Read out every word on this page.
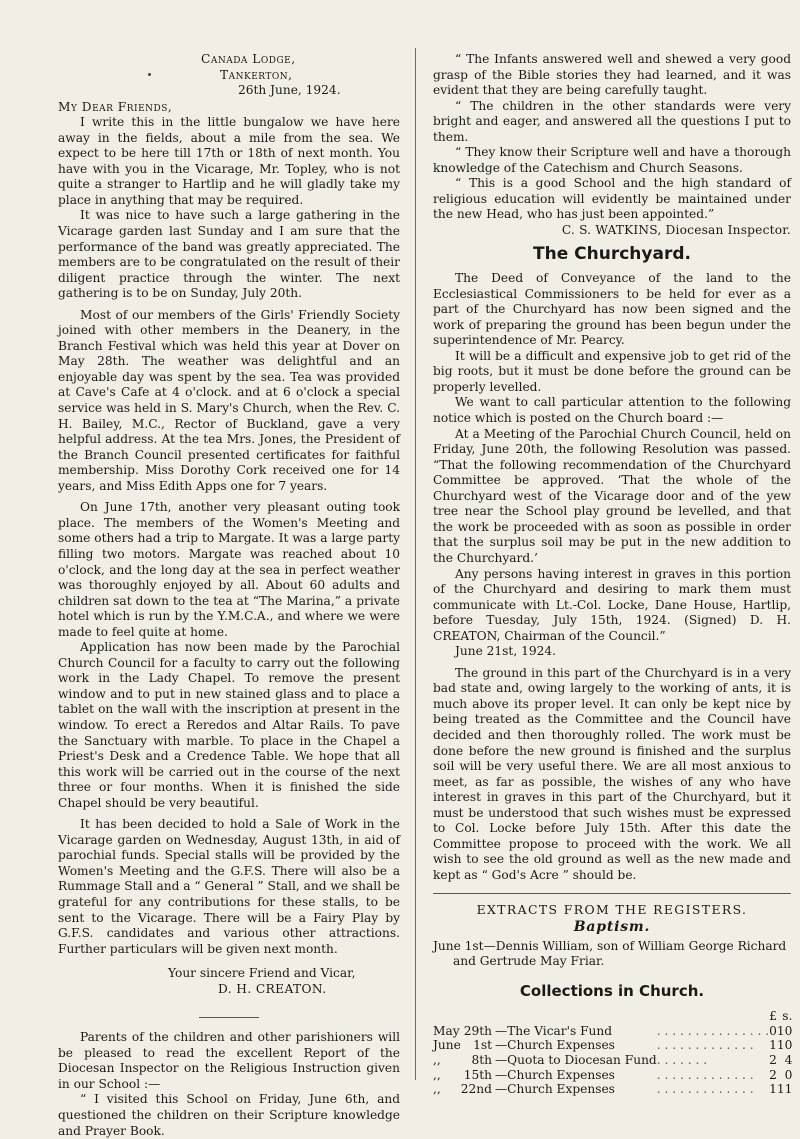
Canada Lodge,

Tankerton,

26th June, 1924.

My Dear Friends,

I write this in the little bungalow we have here away in the fields, about a mile from the sea. We expect to be here till 17th or 18th of next month. You have with you in the Vicarage, Mr. Topley, who is not quite a stranger to Hartlip and he will gladly take my place in anything that may be required.

It was nice to have such a large gathering in the Vicarage garden last Sunday and I am sure that the performance of the band was greatly appreciated. The members are to be congratulated on the result of their diligent practice through the winter. The next gathering is to be on Sunday, July 20th.

Most of our members of the Girls' Friendly Society joined with other members in the Deanery, in the Branch Festival which was held this year at Dover on May 28th. The weather was delightful and an enjoyable day was spent by the sea. Tea was provided at Cave's Cafe at 4 o'clock. and at 6 o'clock a special service was held in S. Mary's Church, when the Rev. C. H. Bailey, M.C., Rector of Buckland, gave a very helpful address. At the tea Mrs. Jones, the President of the Branch Council presented certificates for faithful membership. Miss Dorothy Cork received one for 14 years, and Miss Edith Apps one for 7 years.

On June 17th, another very pleasant outing took place. The members of the Women's Meeting and some others had a trip to Margate. It was a large party filling two motors. Margate was reached about 10 o'clock, and the long day at the sea in perfect weather was thoroughly enjoyed by all. About 60 adults and children sat down to the tea at “The Marina,” a private hotel which is run by the Y.M.C.A., and where we were made to feel quite at home.

Application has now been made by the Parochial Church Council for a faculty to carry out the following work in the Lady Chapel. To remove the present window and to put in new stained glass and to place a tablet on the wall with the inscription at present in the window. To erect a Reredos and Altar Rails. To pave the Sanctuary with marble. To place in the Chapel a Priest's Desk and a Credence Table. We hope that all this work will be carried out in the course of the next three or four months. When it is finished the side Chapel should be very beautiful.

It has been decided to hold a Sale of Work in the Vicarage garden on Wednesday, August 13th, in aid of parochial funds. Special stalls will be provided by the Women's Meeting and the G.F.S. There will also be a Rummage Stall and a “ General ” Stall, and we shall be grateful for any contributions for these stalls, to be sent to the Vicarage. There will be a Fairy Play by G.F.S. candidates and various other attractions. Further particulars will be given next month.

Your sincere Friend and Vicar,

D. H. CREATON.

Parents of the children and other parishioners will be pleased to read the excellent Report of the Diocesan Inspector on the Religious Instruction given in our School :—

“ I visited this School on Friday, June 6th, and questioned the children on their Scripture knowledge and Prayer Book.

“ The Infants answered well and shewed a very good grasp of the Bible stories they had learned, and it was evident that they are being carefully taught.

“ The children in the other standards were very bright and eager, and answered all the questions I put to them.

“ They know their Scripture well and have a thorough knowledge of the Catechism and Church Seasons.

“ This is a good School and the high standard of religious education will evidently be maintained under the new Head, who has just been appointed.”

C. S. WATKINS, Diocesan Inspector.

The Churchyard.

The Deed of Conveyance of the land to the Ecclesiastical Commissioners to be held for ever as a part of the Churchyard has now been signed and the work of preparing the ground has been begun under the superintendence of Mr. Pearcy.

It will be a difficult and expensive job to get rid of the big roots, but it must be done before the ground can be properly levelled.

We want to call particular attention to the following notice which is posted on the Church board :—

At a Meeting of the Parochial Church Council, held on Friday, June 20th, the following Resolution was passed. “That the following recommendation of the Churchyard Committee be approved. ‘That the whole of the Churchyard west of the Vicarage door and of the yew tree near the School play ground be levelled, and that the work be proceeded with as soon as possible in order that the surplus soil may be put in the new addition to the Churchyard.’

Any persons having interest in graves in this portion of the Churchyard and desiring to mark them must communicate with Lt.-Col. Locke, Dane House, Hartlip, before Tuesday, July 15th, 1924. (Signed) D. H. CREATON, Chairman of the Council.”

June 21st, 1924.

The ground in this part of the Churchyard is in a very bad state and, owing largely to the working of ants, it is much above its proper level. It can only be kept nice by being treated as the Committee and the Council have decided and then thoroughly rolled. The work must be done before the new ground is finished and the surplus soil will be very useful there. We are all most anxious to meet, as far as possible, the wishes of any who have interest in graves in this part of the Churchyard, but it must be understood that such wishes must be expressed to Col. Locke before July 15th. After this date the Committee propose to proceed with the work. We all wish to see the old ground as well as the new made and kept as “ God's Acre ” should be.

EXTRACTS FROM THE REGISTERS.

Baptism.

June 1st—Dennis William, son of William George Richard and Gertrude May Friar.

Collections in Church.
				£	s.
May	29th	—The Vicar's Fund	. . . . . . . . . . . . . . .	0	10
June	1st	—Church Expenses	. . . . . . . . . . . . .	1	10
,,	8th	—Quota to Diocesan Fund	. . . . . . .	2	4
,,	15th	—Church Expenses	. . . . . . . . . . . . .	2	0
,,	22nd	—Church Expenses	. . . . . . . . . . . . .	1	11
